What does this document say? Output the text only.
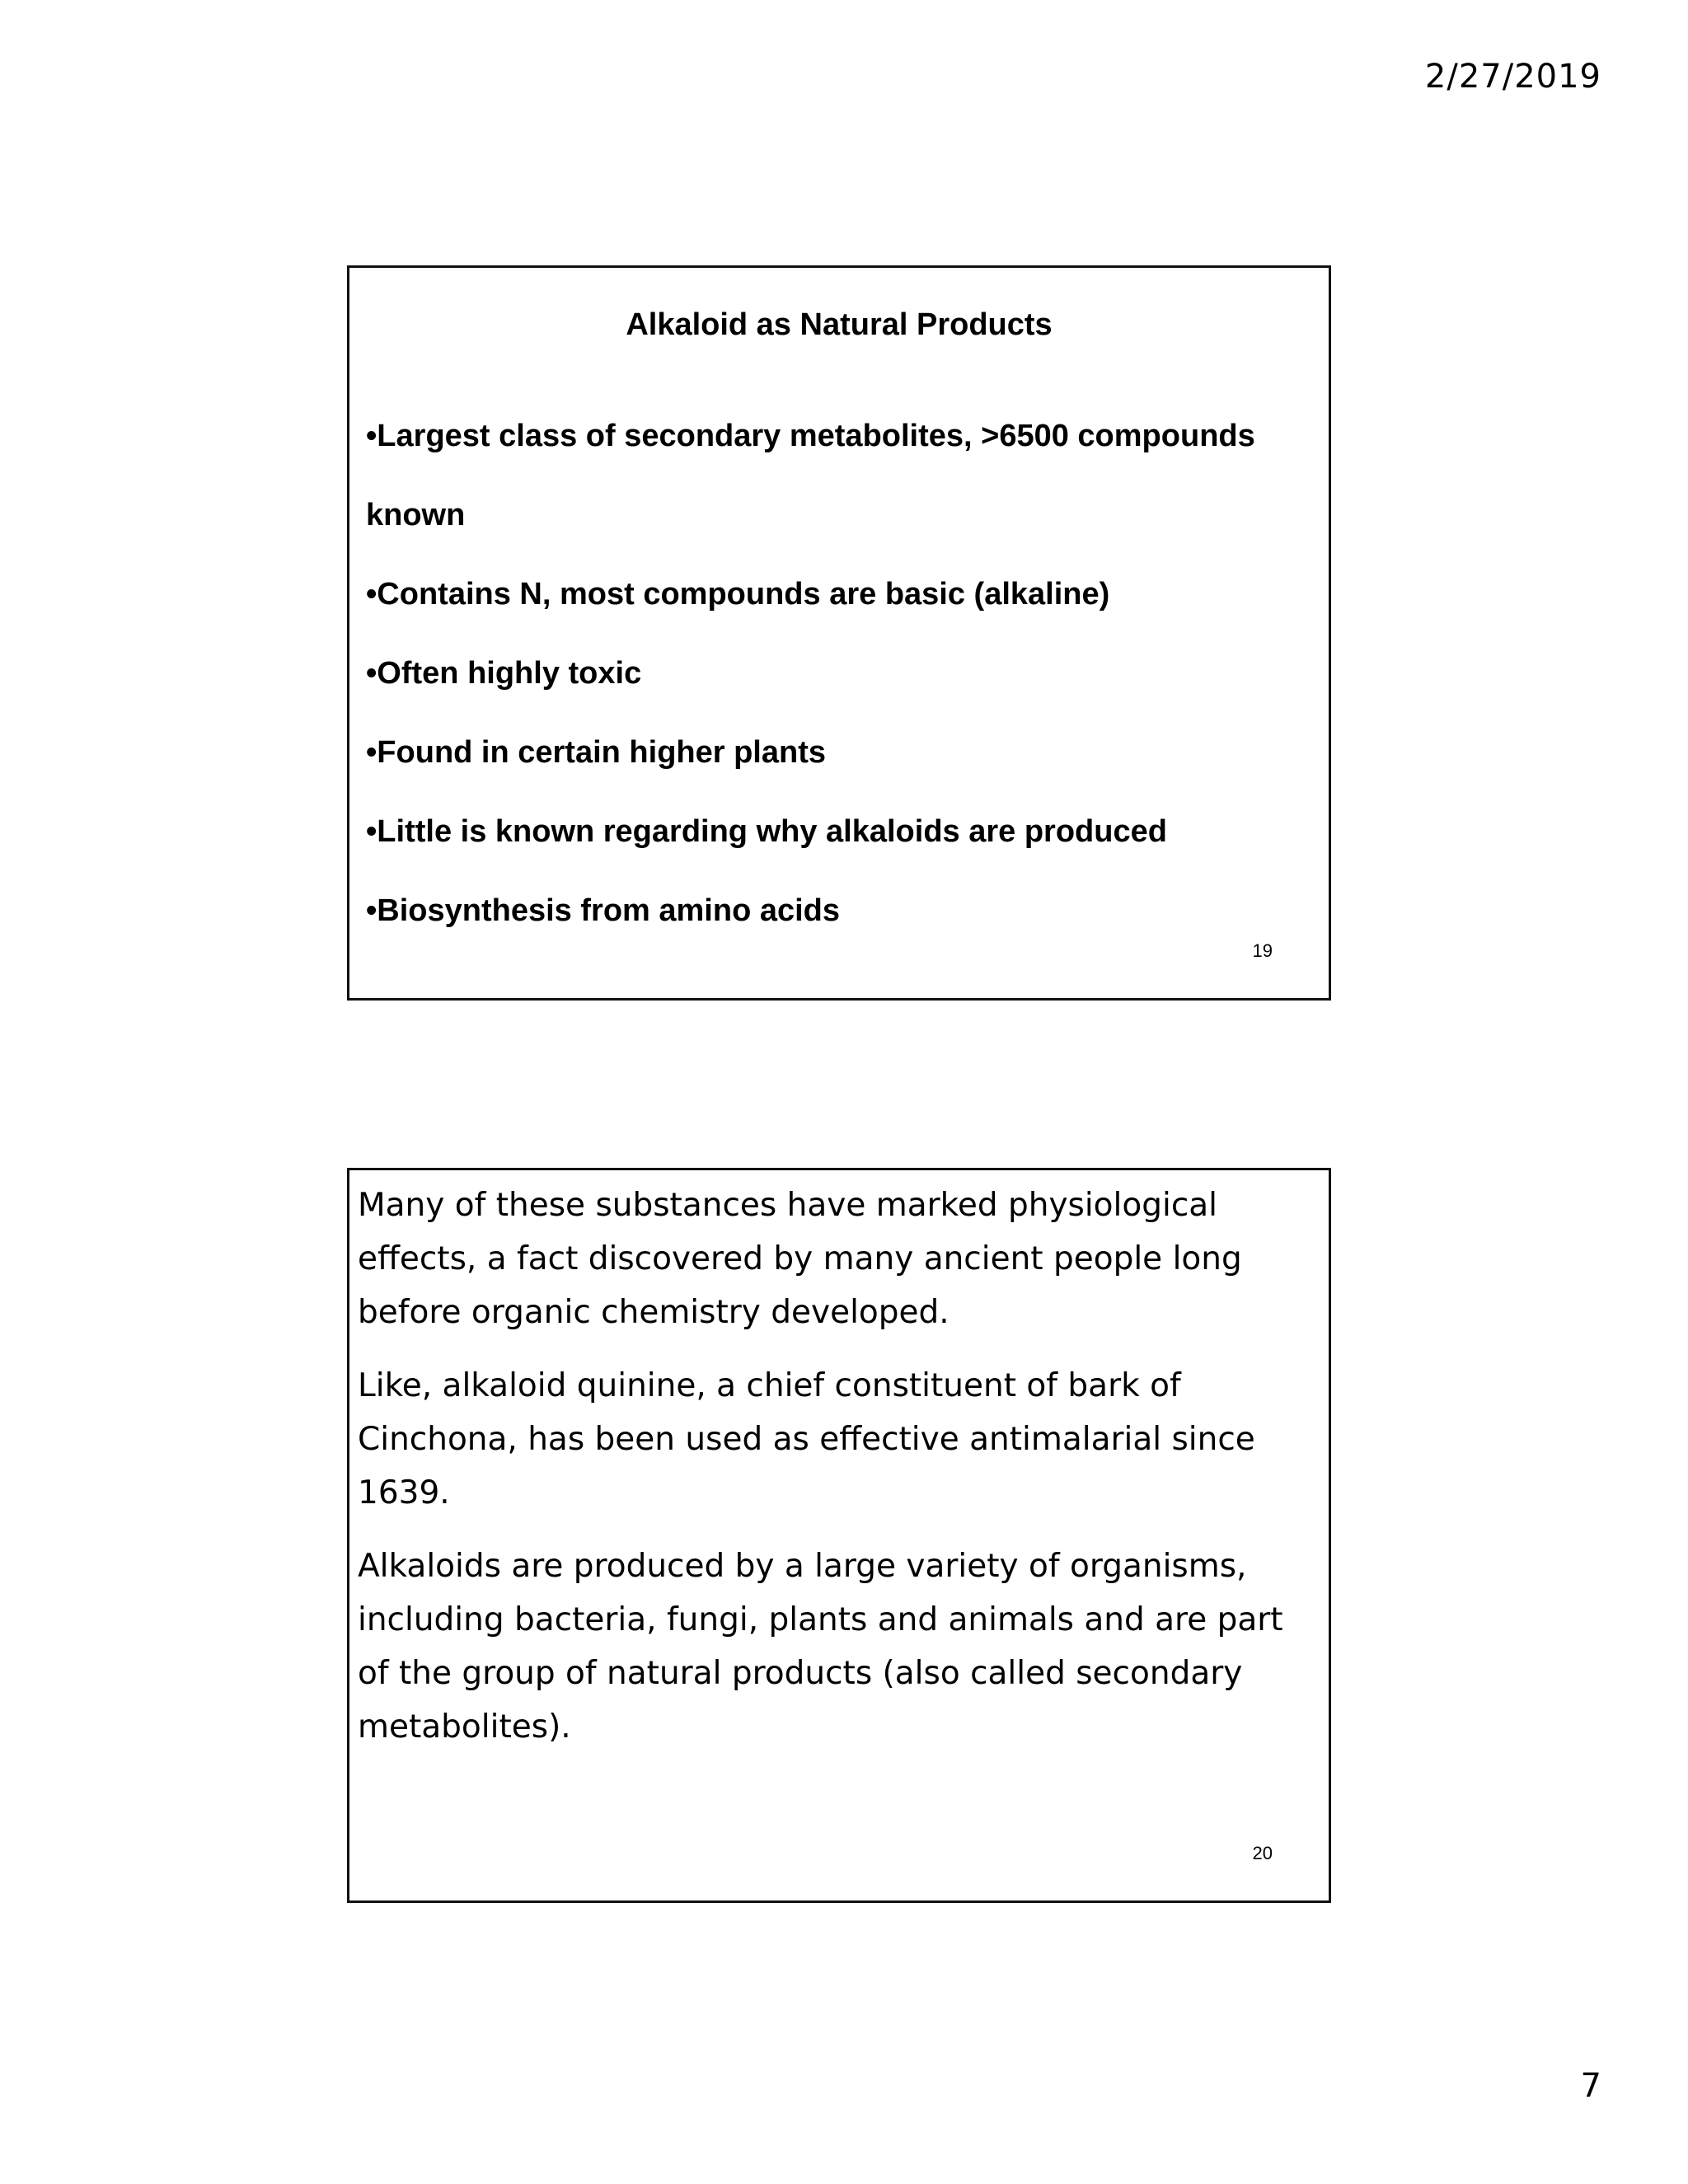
2/27/2019
Alkaloid as Natural Products
•Largest class of secondary metabolites, >6500 compounds
known
•Contains N, most compounds are basic (alkaline)
•Often highly toxic
•Found in certain higher plants
•Little is known regarding why alkaloids are produced
•Biosynthesis from amino acids
19

Many of these substances have marked physiological effects, a fact discovered by many ancient people long before organic chemistry developed.

Like, alkaloid quinine, a chief constituent of bark of Cinchona, has been used as effective antimalarial since 1639.

Alkaloids are produced by a large variety of organisms, including bacteria, fungi, plants and animals and are part of the group of natural products (also called secondary metabolites).

20
7
